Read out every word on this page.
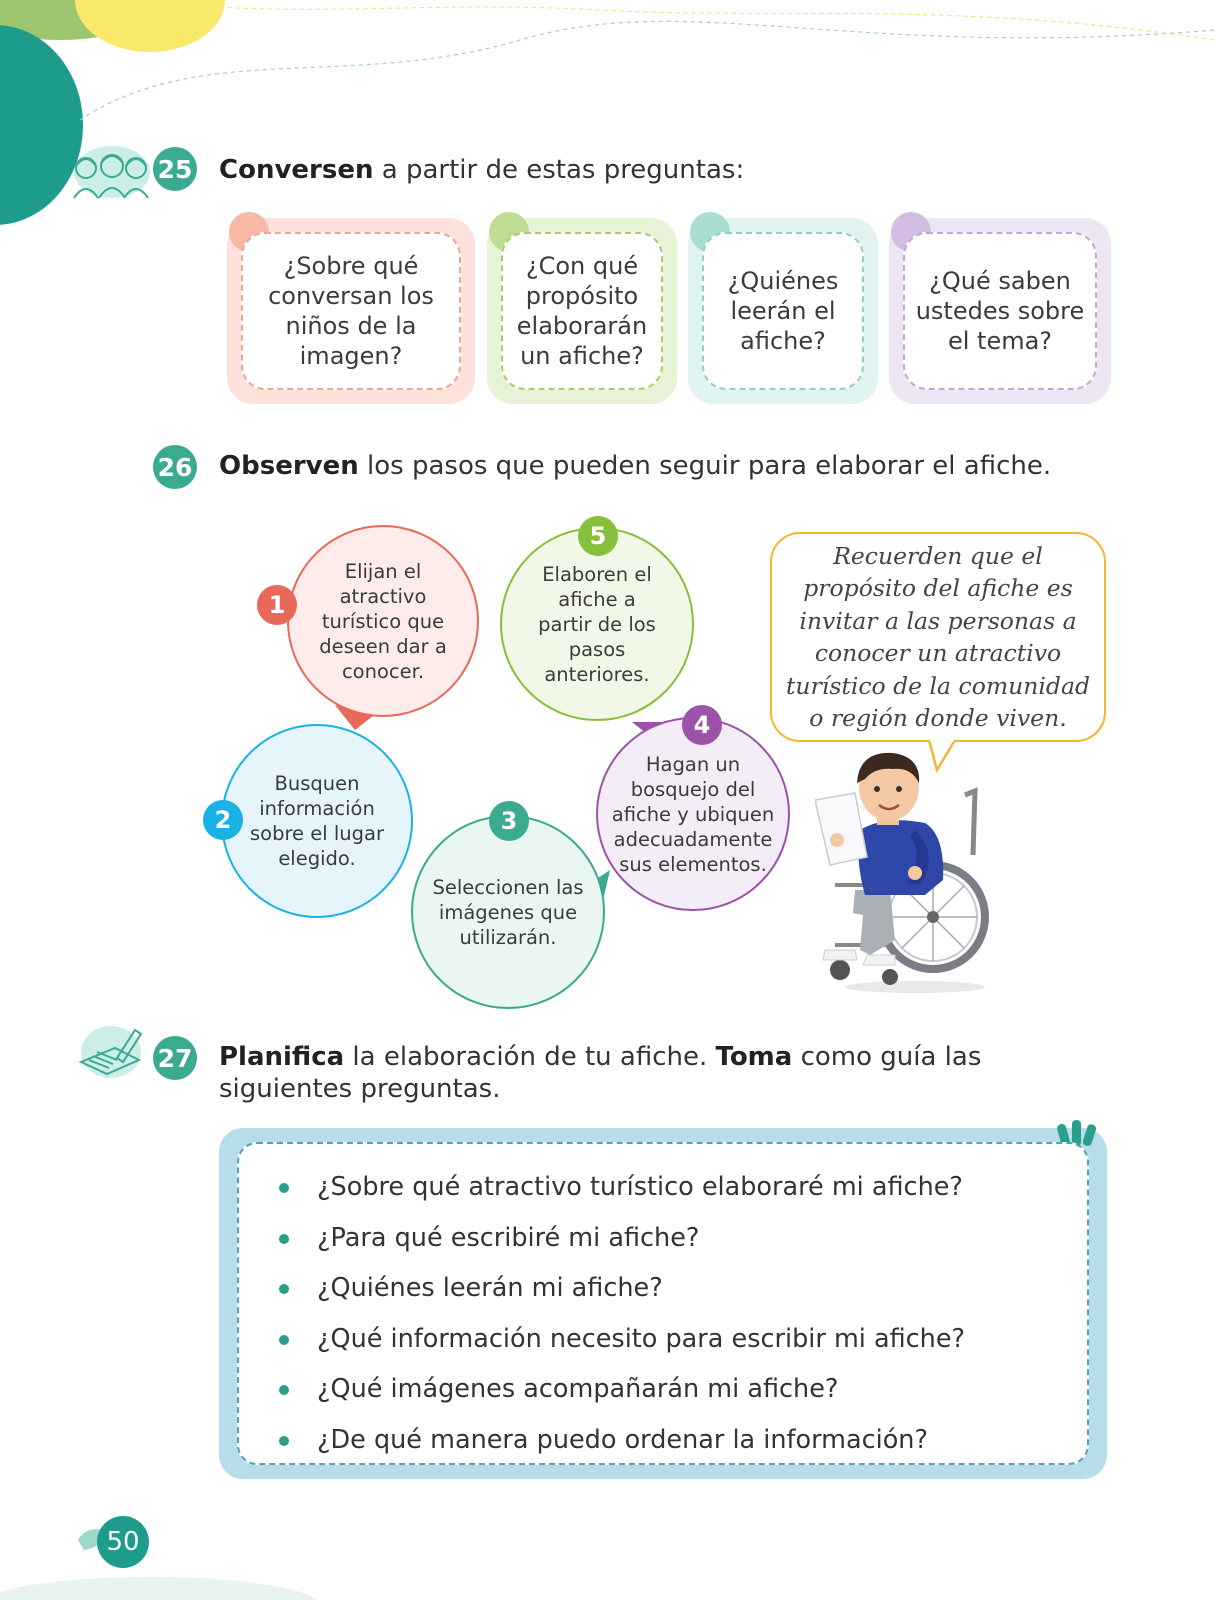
25 Conversen a partir de estas preguntas:
¿Sobre qué conversan los niños de la imagen?
¿Con qué propósito elaborarán un afiche?
¿Quiénes leerán el afiche?
¿Qué saben ustedes sobre el tema?
26 Observen los pasos que pueden seguir para elaborar el afiche.
Elijan el atractivo turístico que deseen dar a conocer.
1
Elaboren el afiche a partir de los pasos anteriores.
5
Busquen información sobre el lugar elegido.
2
Seleccionen las imágenes que utilizarán.
3
Hagan un bosquejo del afiche y ubiquen adecuadamente sus elementos.
4
Recuerden que el propósito del afiche es invitar a las personas a conocer un atractivo turístico de la comunidad o región donde viven.
27 Planifica la elaboración de tu afiche. Toma como guía las siguientes preguntas.
¿Sobre qué atractivo turístico elaboraré mi afiche?
¿Para qué escribiré mi afiche?
¿Quiénes leerán mi afiche?
¿Qué información necesito para escribir mi afiche?
¿Qué imágenes acompañarán mi afiche?
¿De qué manera puedo ordenar la información?
50
